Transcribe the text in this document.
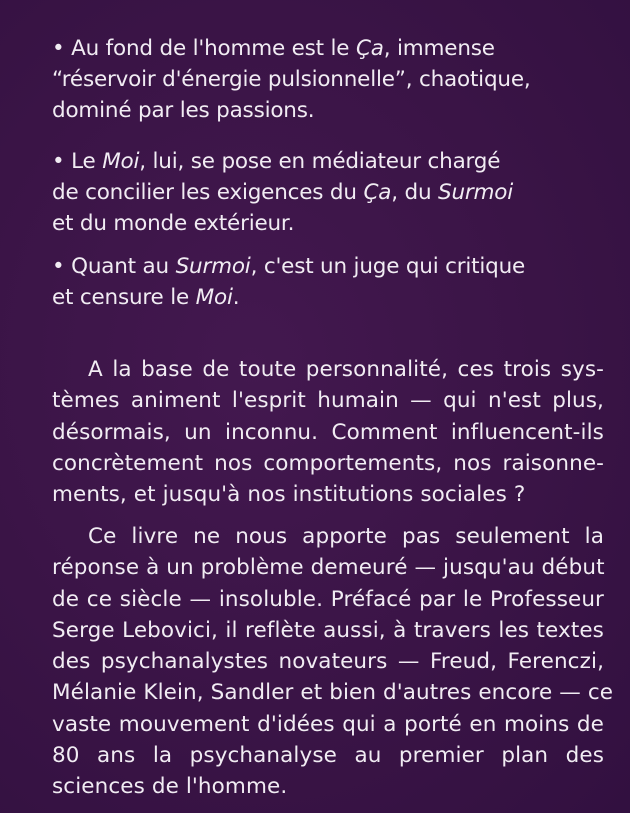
• Au fond de l'homme est le Ça, immense
“réservoir d'énergie pulsionnelle”, chaotique,
dominé par les passions.
• Le Moi, lui, se pose en médiateur chargé
de concilier les exigences du Ça, du Surmoi
et du monde extérieur.
• Quant au Surmoi, c'est un juge qui critique
et censure le Moi.
A la base de toute personnalité, ces trois sys-
tèmes animent l'esprit humain — qui n'est plus,
désormais, un inconnu. Comment influencent-ils
concrètement nos comportements, nos raisonne-
ments, et jusqu'à nos institutions sociales ?
Ce livre ne nous apporte pas seulement la
réponse à un problème demeuré — jusqu'au début
de ce siècle — insoluble. Préfacé par le Professeur
Serge Lebovici, il reflète aussi, à travers les textes
des psychanalystes novateurs — Freud, Ferenczi,
Mélanie Klein, Sandler et bien d'autres encore — ce
vaste mouvement d'idées qui a porté en moins de
80 ans la psychanalyse au premier plan des
sciences de l'homme.
